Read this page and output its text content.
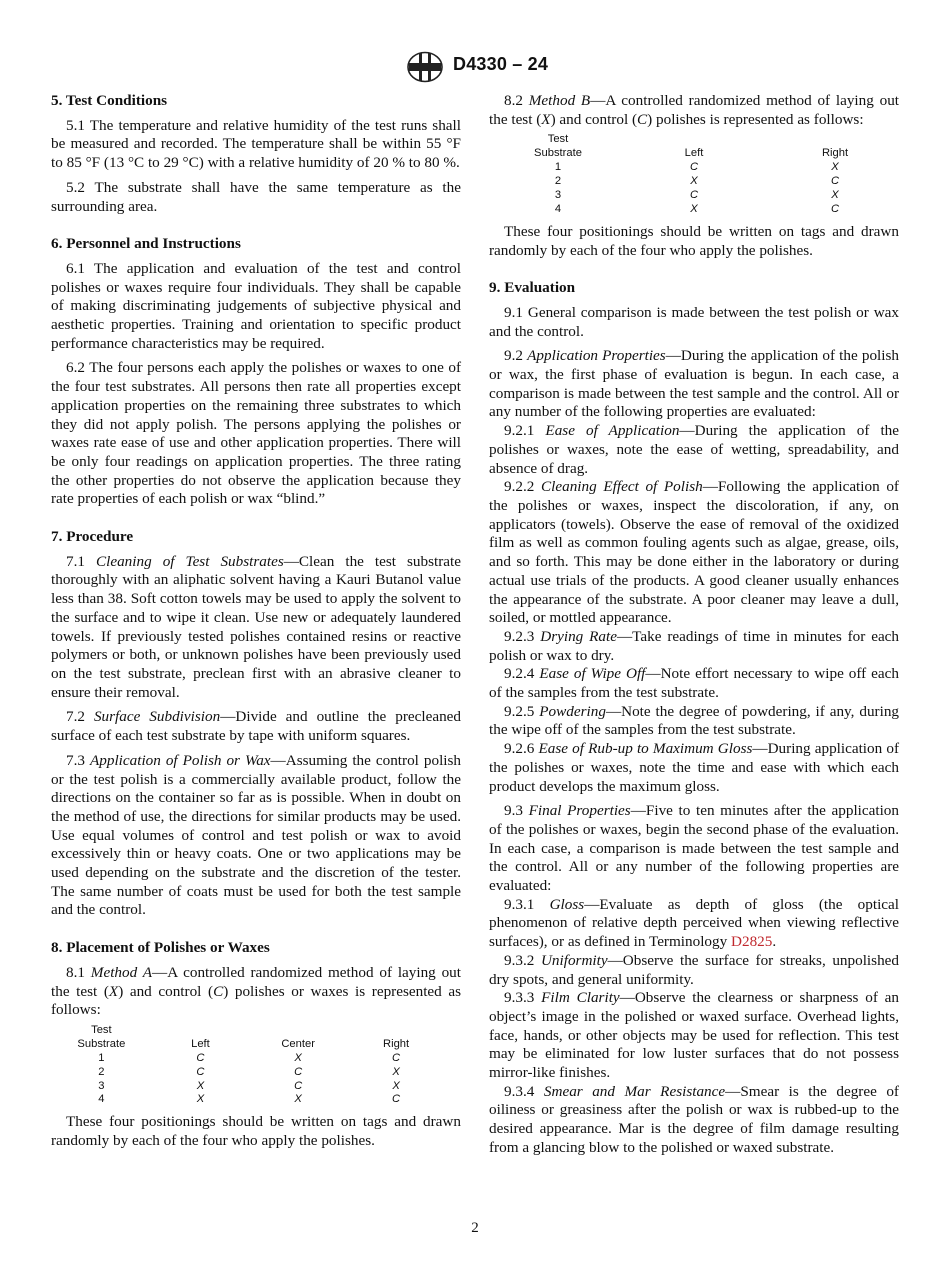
D4330 – 24
5. Test Conditions

5.1 The temperature and relative humidity of the test runs shall be measured and recorded. The temperature shall be within 55 °F to 85 °F (13 °C to 29 °C) with a relative humidity of 20 % to 80 %.

5.2 The substrate shall have the same temperature as the surrounding area.

6. Personnel and Instructions

6.1 The application and evaluation of the test and control polishes or waxes require four individuals. They shall be capable of making discriminating judgements of subjective physical and aesthetic properties. Training and orientation to specific product performance characteristics may be required.

6.2 The four persons each apply the polishes or waxes to one of the four test substrates. All persons then rate all properties except application properties on the remaining three substrates to which they did not apply polish. The persons applying the polishes or waxes rate ease of use and other application properties. There will be only four readings on application properties. The three rating the other properties do not observe the application because they rate properties of each polish or wax “blind.”

7. Procedure

7.1 Cleaning of Test Substrates—Clean the test substrate thoroughly with an aliphatic solvent having a Kauri Butanol value less than 38. Soft cotton towels may be used to apply the solvent to the surface and to wipe it clean. Use new or adequately laundered towels. If previously tested polishes contained resins or reactive polymers or both, or unknown polishes have been previously used on the test substrate, preclean first with an abrasive cleaner to ensure their removal.

7.2 Surface Subdivision—Divide and outline the precleaned surface of each test substrate by tape with uniform squares.

7.3 Application of Polish or Wax—Assuming the control polish or the test polish is a commercially available product, follow the directions on the container so far as is possible. When in doubt on the method of use, the directions for similar products may be used. Use equal volumes of control and test polish or wax to avoid excessively thin or heavy coats. One or two applications may be used depending on the substrate and the discretion of the tester. The same number of coats must be used for both the test sample and the control.

8. Placement of Polishes or Waxes

8.1 Method A—A controlled randomized method of laying out the test (X) and control (C) polishes or waxes is represented as follows:

Test			
Substrate	Left	Center	Right
1	C	X	C
2	C	C	X
3	X	C	X
4	X	X	C

These four positionings should be written on tags and drawn randomly by each of the four who apply the polishes.

8.2 Method B—A controlled randomized method of laying out the test (X) and control (C) polishes is represented as follows:

Test		
Substrate	Left	Right
1	C	X
2	X	C
3	C	X
4	X	C

These four positionings should be written on tags and drawn randomly by each of the four who apply the polishes.

9. Evaluation

9.1 General comparison is made between the test polish or wax and the control.

9.2 Application Properties—During the application of the polish or wax, the first phase of evaluation is begun. In each case, a comparison is made between the test sample and the control. All or any number of the following properties are evaluated:

9.2.1 Ease of Application—During the application of the polishes or waxes, note the ease of wetting, spreadability, and absence of drag.

9.2.2 Cleaning Effect of Polish—Following the application of the polishes or waxes, inspect the discoloration, if any, on applicators (towels). Observe the ease of removal of the oxidized film as well as common fouling agents such as algae, grease, oils, and so forth. This may be done either in the laboratory or during actual use trials of the products. A good cleaner usually enhances the appearance of the substrate. A poor cleaner may leave a dull, soiled, or mottled appearance.

9.2.3 Drying Rate—Take readings of time in minutes for each polish or wax to dry.

9.2.4 Ease of Wipe Off—Note effort necessary to wipe off each of the samples from the test substrate.

9.2.5 Powdering—Note the degree of powdering, if any, during the wipe off of the samples from the test substrate.

9.2.6 Ease of Rub-up to Maximum Gloss—During application of the polishes or waxes, note the time and ease with which each product develops the maximum gloss.

9.3 Final Properties—Five to ten minutes after the application of the polishes or waxes, begin the second phase of the evaluation. In each case, a comparison is made between the test sample and the control. All or any number of the following properties are evaluated:

9.3.1 Gloss—Evaluate as depth of gloss (the optical phenomenon of relative depth perceived when viewing reflective surfaces), or as defined in Terminology D2825.

9.3.2 Uniformity—Observe the surface for streaks, unpolished dry spots, and general uniformity.

9.3.3 Film Clarity—Observe the clearness or sharpness of an object’s image in the polished or waxed surface. Overhead lights, face, hands, or other objects may be used for reflection. This test may be eliminated for low luster surfaces that do not possess mirror-like finishes.

9.3.4 Smear and Mar Resistance—Smear is the degree of oiliness or greasiness after the polish or wax is rubbed-up to the desired appearance. Mar is the degree of film damage resulting from a glancing blow to the polished or waxed substrate.

2
